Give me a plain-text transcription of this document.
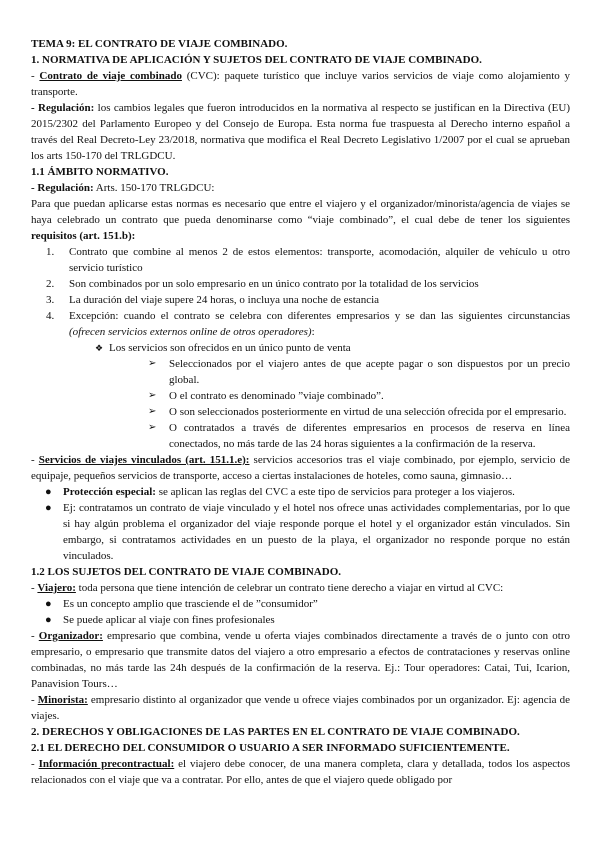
TEMA 9: EL CONTRATO DE VIAJE COMBINADO.

1. NORMATIVA DE APLICACIÓN Y SUJETOS DEL CONTRATO DE VIAJE COMBINADO.

- Contrato de viaje combinado (CVC): paquete turístico que incluye varios servicios de viaje como alojamiento y transporte.

- Regulación: los cambios legales que fueron introducidos en la normativa al respecto se justifican en la Directiva (EU) 2015/2302 del Parlamento Europeo y del Consejo de Europa. Esta norma fue traspuesta al Derecho interno español a través del Real Decreto-Ley 23/2018, normativa que modifica el Real Decreto Legislativo 1/2007 por el cual se aprueban los arts 150-170 del TRLGDCU.

1.1 ÁMBITO NORMATIVO.

- Regulación: Arts. 150-170 TRLGDCU:

Para que puedan aplicarse estas normas es necesario que entre el viajero y el organizador/minorista/agencia de viajes se haya celebrado un contrato que pueda denominarse como “viaje combinado”, el cual debe de tener los siguientes requisitos (art. 151.b):

1. Contrato que combine al menos 2 de estos elementos: transporte, acomodación, alquiler de vehículo u otro servicio turístico
2. Son combinados por un solo empresario en un único contrato por la totalidad de los servicios
3. La duración del viaje supere 24 horas, o incluya una noche de estancia
4. Excepción: cuando el contrato se celebra con diferentes empresarios y se dan las siguientes circunstancias (ofrecen servicios externos online de otros operadores):

❖ Los servicios son ofrecidos en un único punto de venta

➢ Seleccionados por el viajero antes de que acepte pagar o son dispuestos por un precio global.

➢ O el contrato es denominado ”viaje combinado”.

➢ O son seleccionados posteriormente en virtud de una selección ofrecida por el empresario.

➢ O contratados a través de diferentes empresarios en procesos de reserva en línea conectados, no más tarde de las 24 horas siguientes a la confirmación de la reserva.

- Servicios de viajes vinculados (art. 151.1.e): servicios accesorios tras el viaje combinado, por ejemplo, servicio de equipaje, pequeños servicios de transporte, acceso a ciertas instalaciones de hoteles, como sauna, gimnasio…

● Protección especial: se aplican las reglas del CVC a este tipo de servicios para proteger a los viajeros.

● Ej: contratamos un contrato de viaje vinculado y el hotel nos ofrece unas actividades complementarias, por lo que si hay algún problema el organizador del viaje responde porque el hotel y el organizador están vinculados. Sin embargo, si contratamos actividades en un puesto de la playa, el organizador no responde porque no están vinculados.

1.2 LOS SUJETOS DEL CONTRATO DE VIAJE COMBINADO.

- Viajero: toda persona que tiene intención de celebrar un contrato tiene derecho a viajar en virtud al CVC:

● Es un concepto amplio que trasciende el de ”consumidor”

● Se puede aplicar al viaje con fines profesionales

- Organizador: empresario que combina, vende u oferta viajes combinados directamente a través de o junto con otro empresario, o empresario que transmite datos del viajero a otro empresario a efectos de contrataciones y reservas online combinadas, no más tarde las 24h después de la confirmación de la reserva. Ej.: Tour operadores: Catai, Tui, Icarion, Panavision Tours…

- Minorista: empresario distinto al organizador que vende u ofrece viajes combinados por un organizador. Ej: agencia de viajes.

2. DERECHOS Y OBLIGACIONES DE LAS PARTES EN EL CONTRATO DE VIAJE COMBINADO.

2.1 EL DERECHO DEL CONSUMIDOR O USUARIO A SER INFORMADO SUFICIENTEMENTE.

- Información precontractual: el viajero debe conocer, de una manera completa, clara y detallada, todos los aspectos relacionados con el viaje que va a contratar. Por ello, antes de que el viajero quede obligado por
